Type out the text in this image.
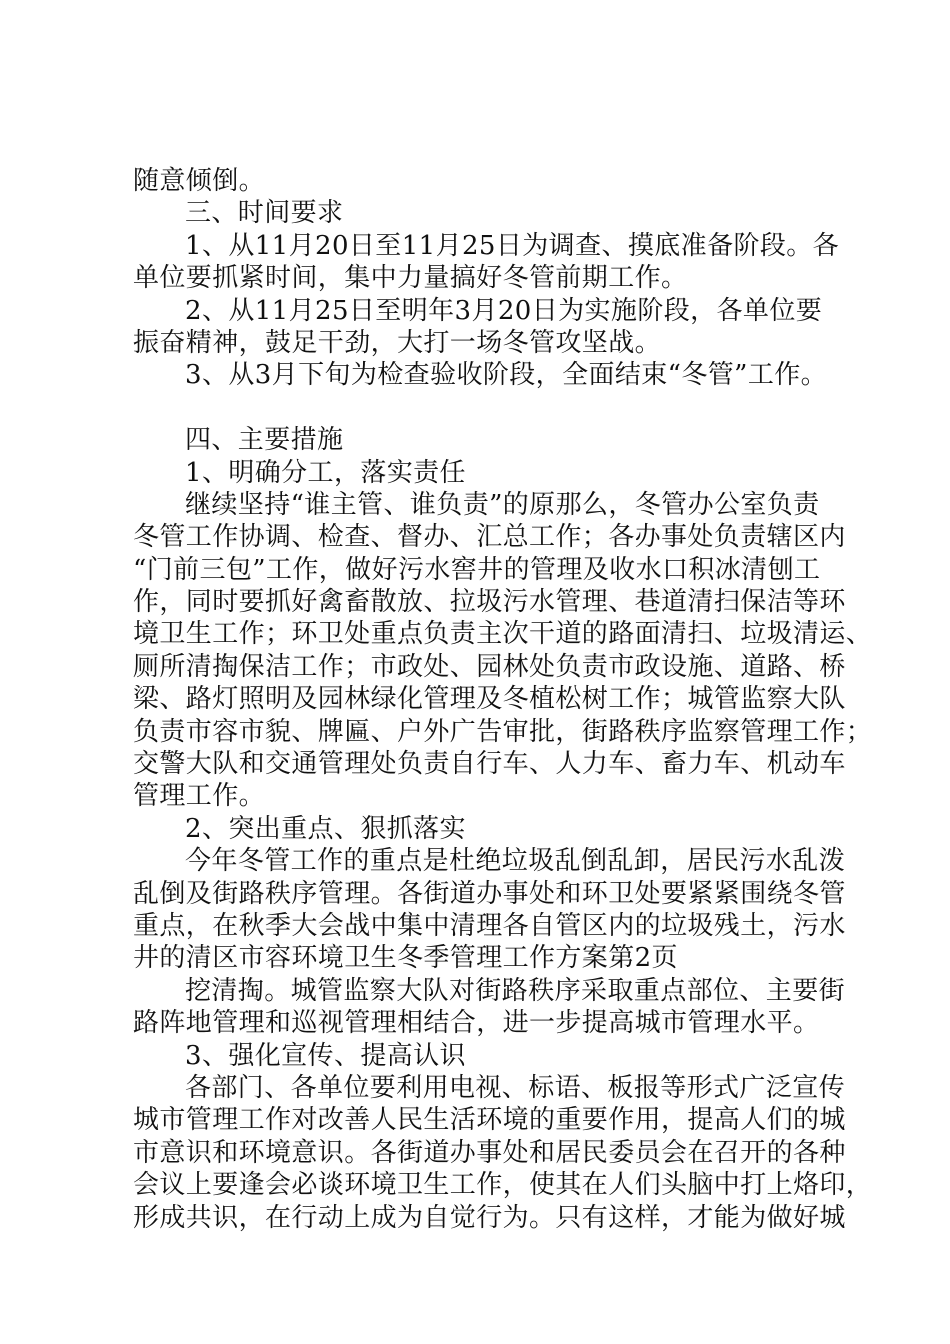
随意倾倒。
三、时间要求
1、从11月20日至11月25日为调查、摸底准备阶段。各
单位要抓紧时间，集中力量搞好冬管前期工作。
2、从11月25日至明年3月20日为实施阶段，各单位要
振奋精神，鼓足干劲，大打一场冬管攻坚战。
3、从3月下旬为检查验收阶段，全面结束“冬管”工作。
四、主要措施
1、明确分工，落实责任
继续坚持“谁主管、谁负责”的原那么，冬管办公室负责
冬管工作协调、检查、督办、汇总工作；各办事处负责辖区内
“门前三包”工作，做好污水窖井的管理及收水口积冰清刨工
作，同时要抓好禽畜散放、拉圾污水管理、巷道清扫保洁等环
境卫生工作；环卫处重点负责主次干道的路面清扫、垃圾清运、
厕所清掏保洁工作；市政处、园林处负责市政设施、道路、桥
梁、路灯照明及园林绿化管理及冬植松树工作；城管监察大队
负责市容市貌、牌匾、户外广告审批，街路秩序监察管理工作；
交警大队和交通管理处负责自行车、人力车、畜力车、机动车
管理工作。
2、突出重点、狠抓落实
今年冬管工作的重点是杜绝垃圾乱倒乱卸，居民污水乱泼
乱倒及街路秩序管理。各街道办事处和环卫处要紧紧围绕冬管
重点，在秋季大会战中集中清理各自管区内的垃圾残土，污水
井的清区市容环境卫生冬季管理工作方案第2页
挖清掏。城管监察大队对街路秩序采取重点部位、主要街
路阵地管理和巡视管理相结合，进一步提高城市管理水平。
3、强化宣传、提高认识
各部门、各单位要利用电视、标语、板报等形式广泛宣传
城市管理工作对改善人民生活环境的重要作用，提高人们的城
市意识和环境意识。各街道办事处和居民委员会在召开的各种
会议上要逢会必谈环境卫生工作，使其在人们头脑中打上烙印，
形成共识，在行动上成为自觉行为。只有这样，才能为做好城
